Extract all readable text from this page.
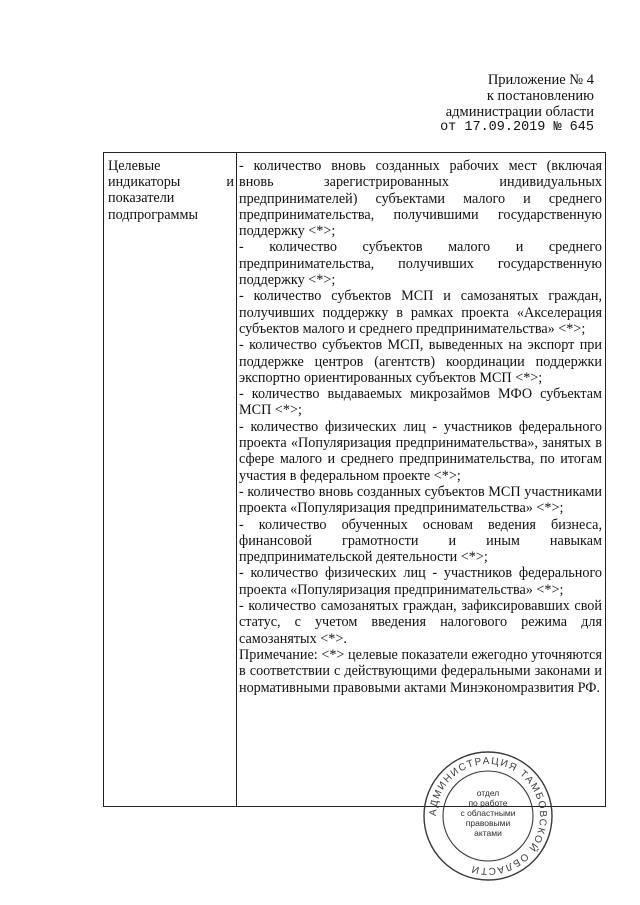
Приложение № 4
к постановлению
администрации области
от 17.09.2019 № 645
Целевые
индикаторы	и
показатели
подпрограммы

- количество вновь созданных рабочих мест (включая вновь зарегистрированных индивидуальных предпринимателей) субъектами малого и среднего предпринимательства, получившими государственную поддержку <*>;

- количество субъектов малого и среднего предпринимательства, получивших государственную поддержку <*>;

- количество субъектов МСП и самозанятых граждан, получивших поддержку в рамках проекта «Акселерация субъектов малого и среднего предпринимательства» <*>;

- количество субъектов МСП, выведенных на экспорт при поддержке центров (агентств) координации поддержки экспортно ориентированных субъектов МСП <*>;

- количество выдаваемых микрозаймов МФО субъектам МСП <*>;

- количество физических лиц - участников федерального проекта «Популяризация предпринимательства», занятых в сфере малого и среднего предпринимательства, по итогам участия в федеральном проекте <*>;

- количество вновь созданных субъектов МСП участниками проекта «Популяризация предпринимательства» <*>;

- количество обученных основам ведения бизнеса, финансовой грамотности и иным навыкам предпринимательской деятельности <*>;

- количество физических лиц - участников федерального проекта «Популяризация предпринимательства» <*>;

- количество самозанятых граждан, зафиксировавших свой статус, с учетом введения налогового режима для самозанятых <*>.

Примечание: <*> целевые показатели ежегодно уточняются в соответствии с действующими федеральными законами и нормативными правовыми актами Минэкономразвития РФ.

АДМИНИСТРАЦИЯ ТАМБОВСКОЙ ОБЛАСТИ
отдел
по работе
с областными
правовыми
актами
